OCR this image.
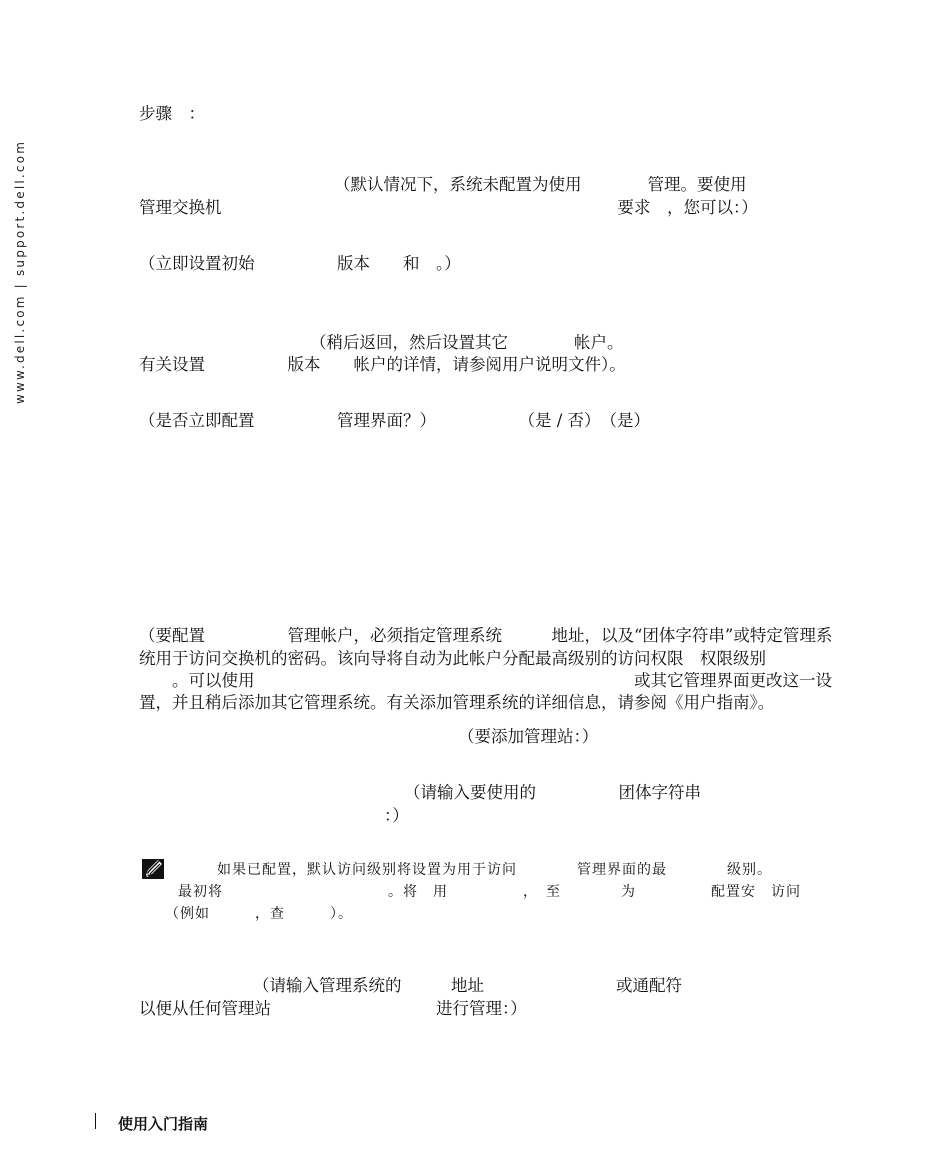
www.dell.com | support.dell.com
步骤　：
（默认情况下，系统未配置为使用　　　　管理。要使用
管理交换机　　　　　　　　　　　　　　　　　　　　　　　　要求　，您可以：）
（立即设置初始　　　　　版本　　和　。）
（稍后返回，然后设置其它　　　　帐户。
有关设置　　　　　版本　　帐户的详情，请参阅用户说明文件）。
（是否立即配置　　　　　管理界面？）　　　　　　（是 / 否）　（是）
（要配置　　　　　管理帐户，必须指定管理系统　　　地址，以及“团体字符串”或特定管理系
统用于访问交换机的密码。该向导将自动为此帐户分配最高级别的访问权限　权限级别
　　。可以使用　　　　　　　　　　　　　　　　　　　　　　　或其它管理界面更改这一设
置，并且稍后添加其它管理系统。有关添加管理系统的详细信息，请参阅《用户指南》。
（要添加管理站：）
（请输入要使用的　　　　　团体字符串
：）
如果已配置，默认访问级别将设置为用于访问　　　　管理界面的最　　　　级别。
最初将　　　　　　　　　　　。将　用　　　　　，　至　　　　为　　　　　配置安　访问
（例如　　　，查　　　）。
（请输入管理系统的　　　地址　　　　　　　　或通配符
以便从任何管理站　　　　　　　　　　进行管理：）
使用入门指南
